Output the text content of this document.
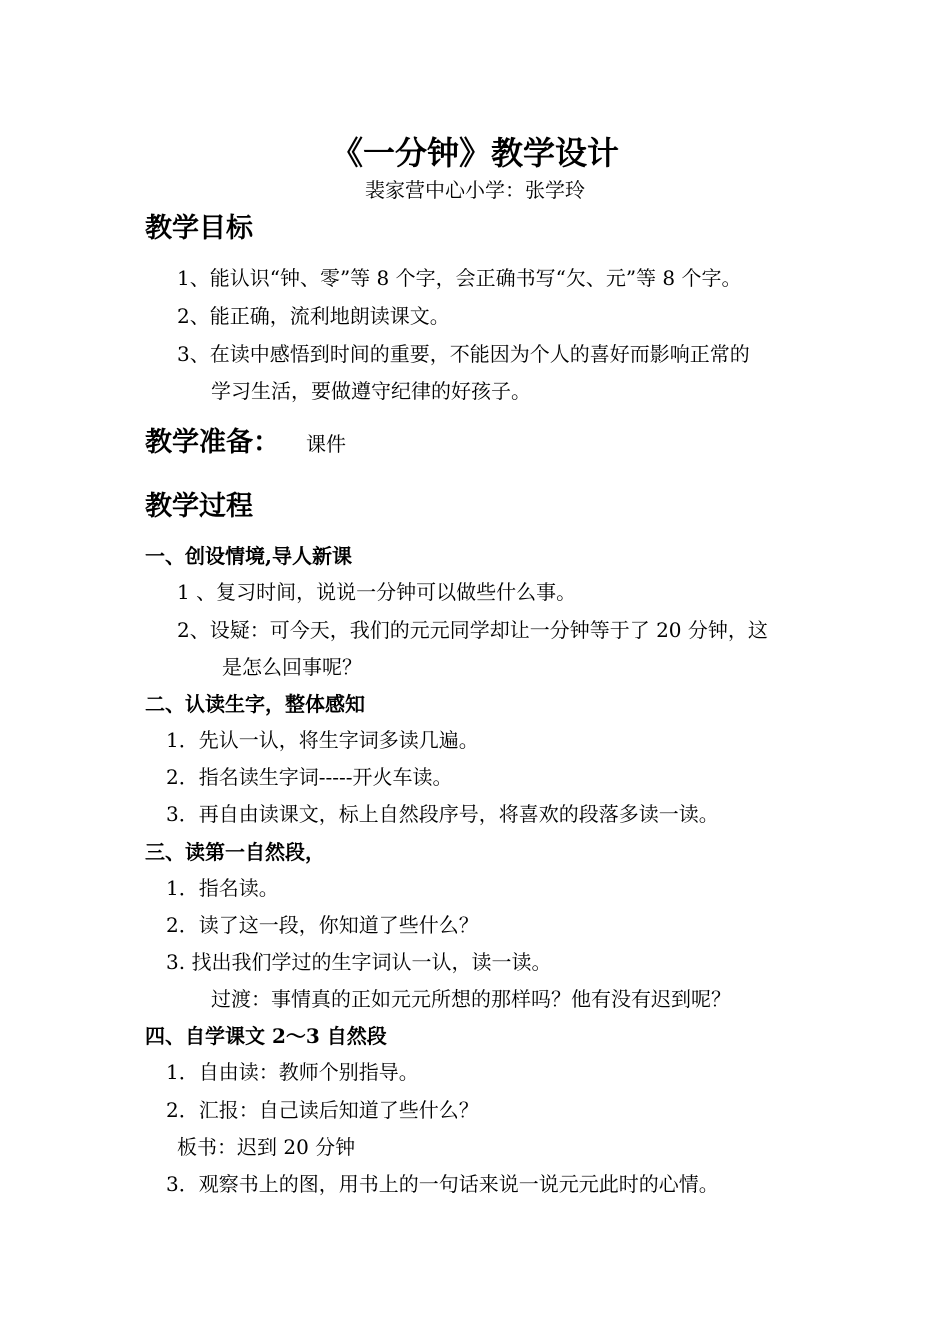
《一分钟》教学设计
裴家营中心小学：张学玲
教学目标
1、能认识“钟、零”等 8 个字，会正确书写“欠、元”等 8 个字。
2、能正确，流利地朗读课文。
3、在读中感悟到时间的重要，不能因为个人的喜好而影响正常的
学习生活，要做遵守纪律的好孩子。
教学准备： 课件
教学过程
一、创设情境,导人新课
1 、复习时间，说说一分钟可以做些什么事。
2、设疑：可今天，我们的元元同学却让一分钟等于了 20 分钟，这
是怎么回事呢？
二、认读生字，整体感知
1．先认一认，将生字词多读几遍。
2．指名读生字词-----开火车读。
3．再自由读课文，标上自然段序号，将喜欢的段落多读一读。
三、读第一自然段，
1．指名读。
2．读了这一段，你知道了些什么？
3. 找出我们学过的生字词认一认，读一读。
过渡：事情真的正如元元所想的那样吗？他有没有迟到呢？
四、自学课文 2～3 自然段
1．自由读：教师个别指导。
2．汇报：自己读后知道了些什么？
板书：迟到 20 分钟
3．观察书上的图，用书上的一句话来说一说元元此时的心情。
